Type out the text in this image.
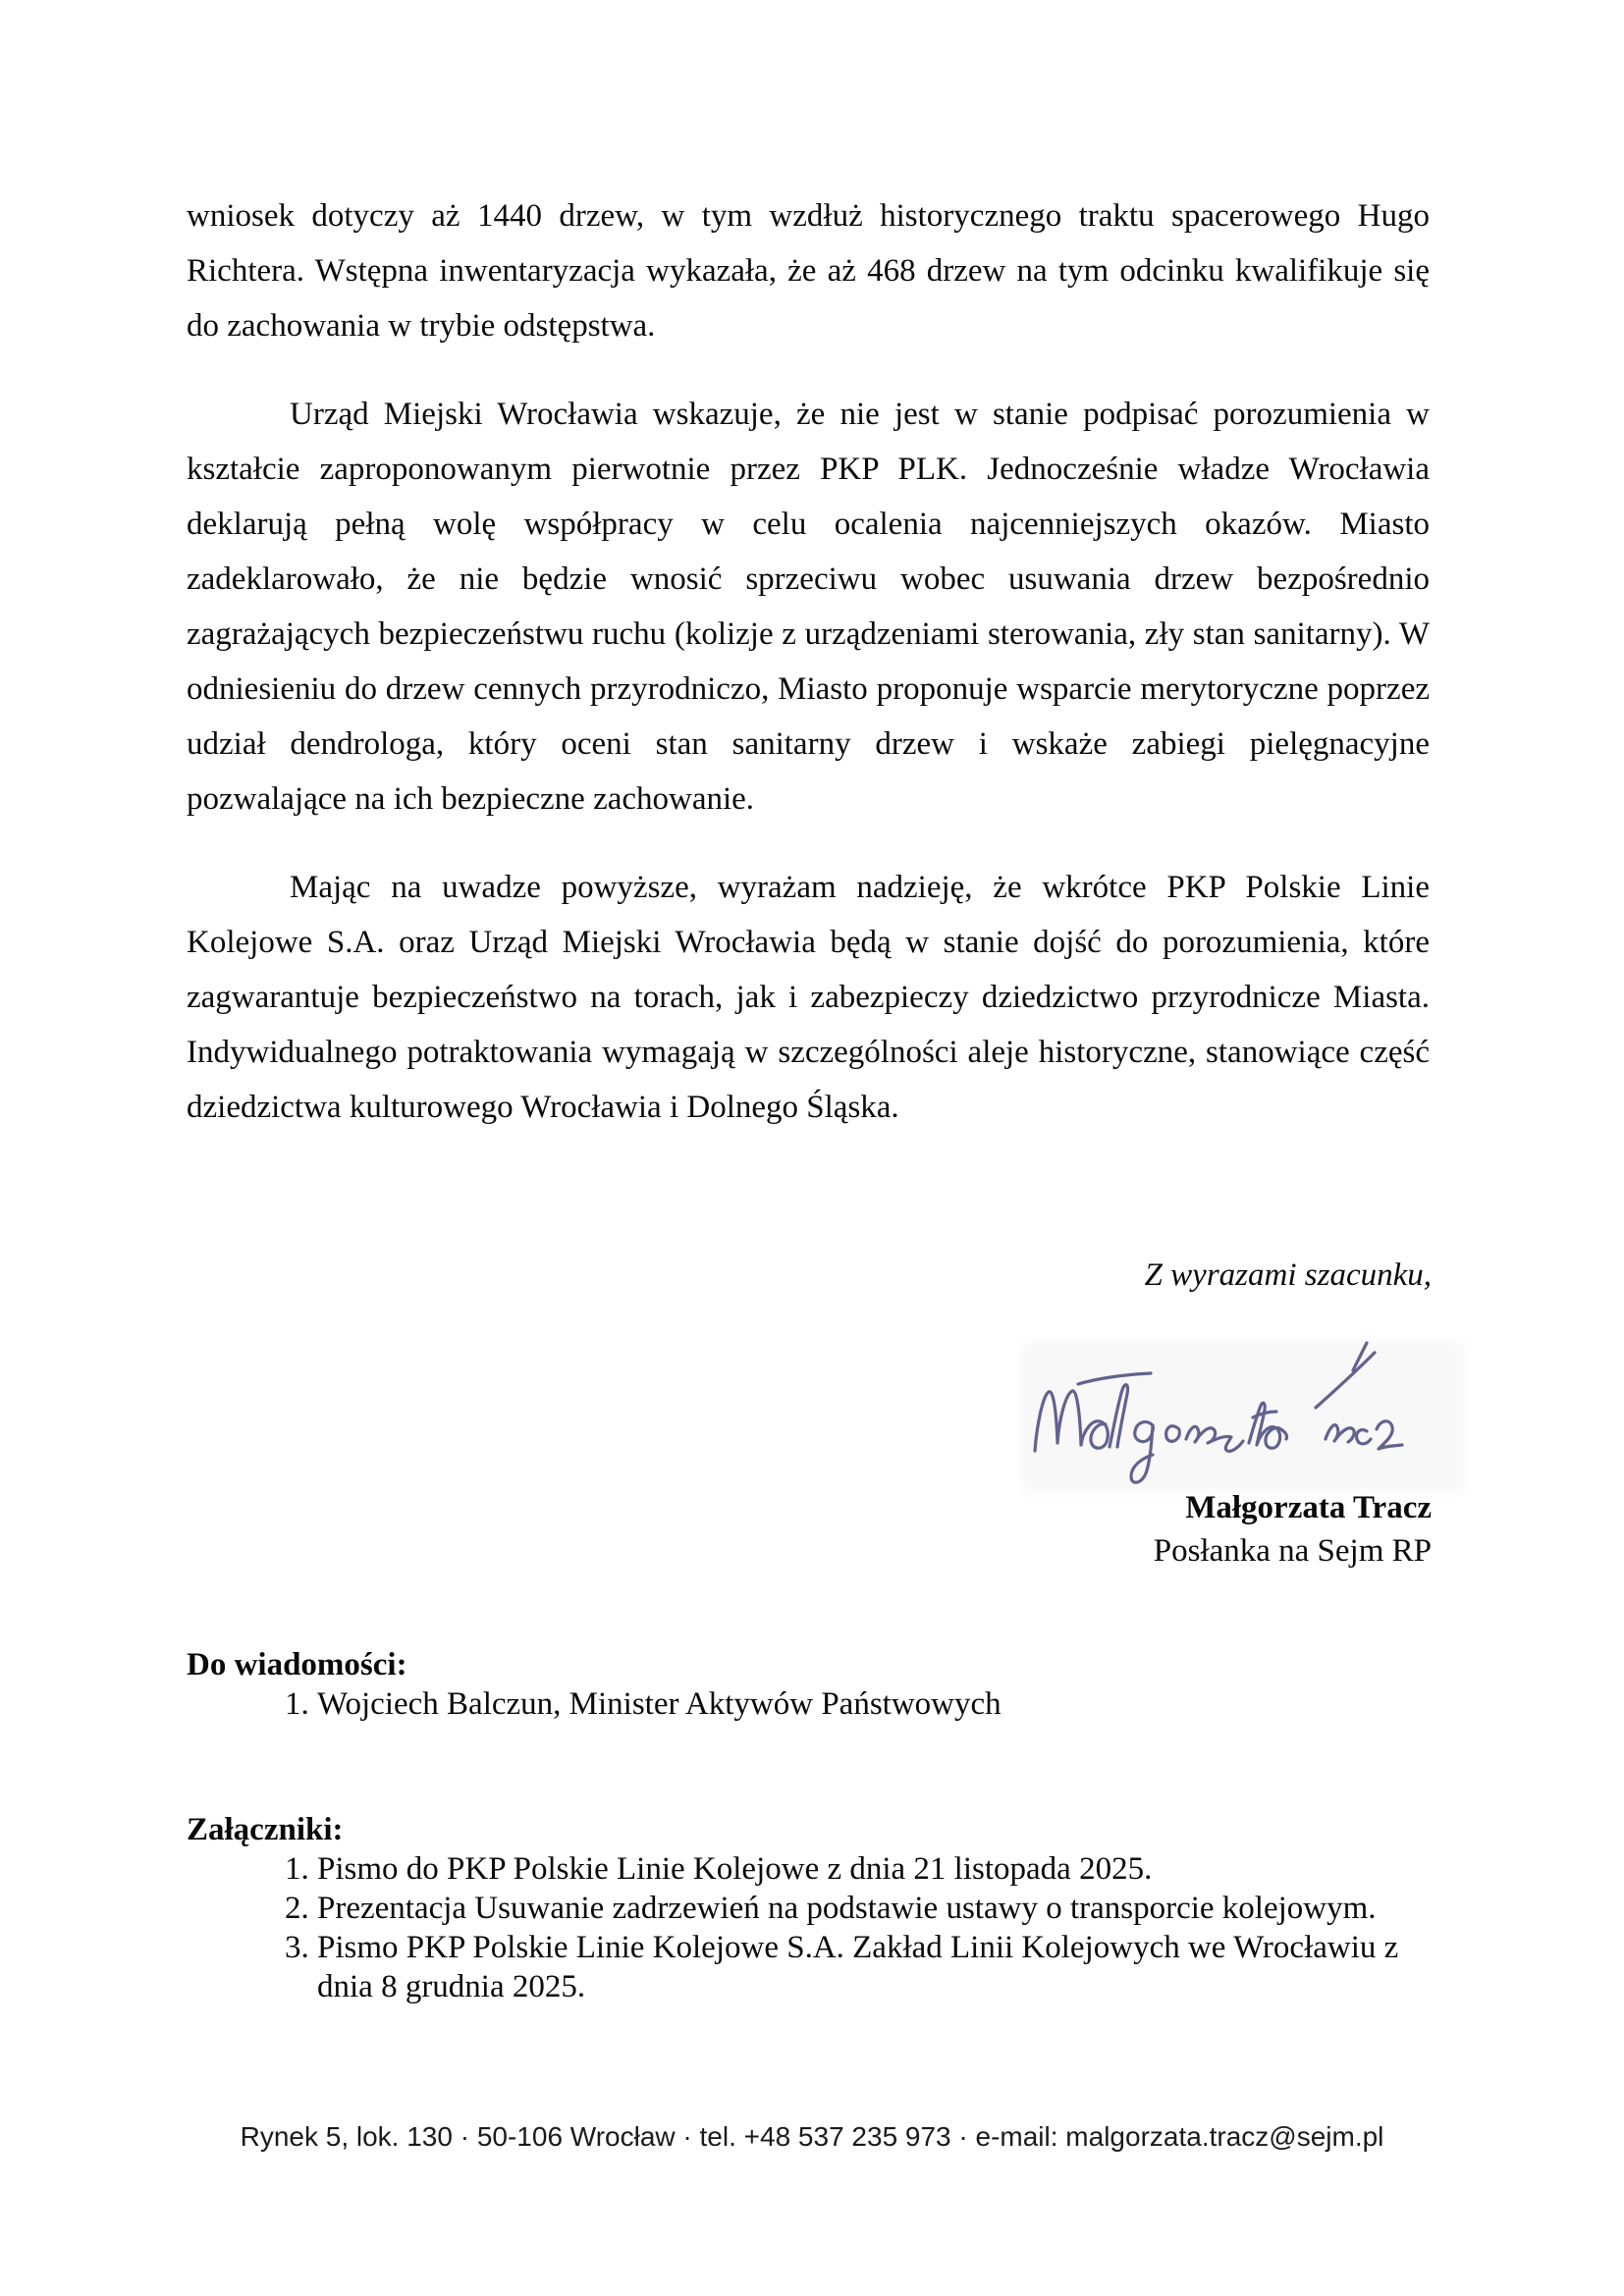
wniosek dotyczy aż 1440 drzew, w tym wzdłuż historycznego traktu spacerowego Hugo Richtera. Wstępna inwentaryzacja wykazała, że aż 468 drzew na tym odcinku kwalifikuje się do zachowania w trybie odstępstwa.

Urząd Miejski Wrocławia wskazuje, że nie jest w stanie podpisać porozumienia w kształcie zaproponowanym pierwotnie przez PKP PLK. Jednocześnie władze Wrocławia deklarują pełną wolę współpracy w celu ocalenia najcenniejszych okazów. Miasto zadeklarowało, że nie będzie wnosić sprzeciwu wobec usuwania drzew bezpośrednio zagrażających bezpieczeństwu ruchu (kolizje z urządzeniami sterowania, zły stan sanitarny). W odniesieniu do drzew cennych przyrodniczo, Miasto proponuje wsparcie merytoryczne poprzez udział dendrologa, który oceni stan sanitarny drzew i wskaże zabiegi pielęgnacyjne pozwalające na ich bezpieczne zachowanie.

Mając na uwadze powyższe, wyrażam nadzieję, że wkrótce PKP Polskie Linie Kolejowe S.A. oraz Urząd Miejski Wrocławia będą w stanie dojść do porozumienia, które zagwarantuje bezpieczeństwo na torach, jak i zabezpieczy dziedzictwo przyrodnicze Miasta. Indywidualnego potraktowania wymagają w szczególności aleje historyczne, stanowiące część dziedzictwa kulturowego Wrocławia i Dolnego Śląska.

Z wyrazami szacunku,
Małgorzata Tracz
Posłanka na Sejm RP
Do wiadomości:
1. Wojciech Balczun, Minister Aktywów Państwowych
Załączniki:
1. Pismo do PKP Polskie Linie Kolejowe z dnia 21 listopada 2025.
2. Prezentacja Usuwanie zadrzewień na podstawie ustawy o transporcie kolejowym.
3. Pismo PKP Polskie Linie Kolejowe S.A. Zakład Linii Kolejowych we Wrocławiu z dnia 8 grudnia 2025.
Rynek 5, lok. 130 · 50-106 Wrocław · tel. +48 537 235 973 · e-mail: malgorzata.tracz@sejm.pl
